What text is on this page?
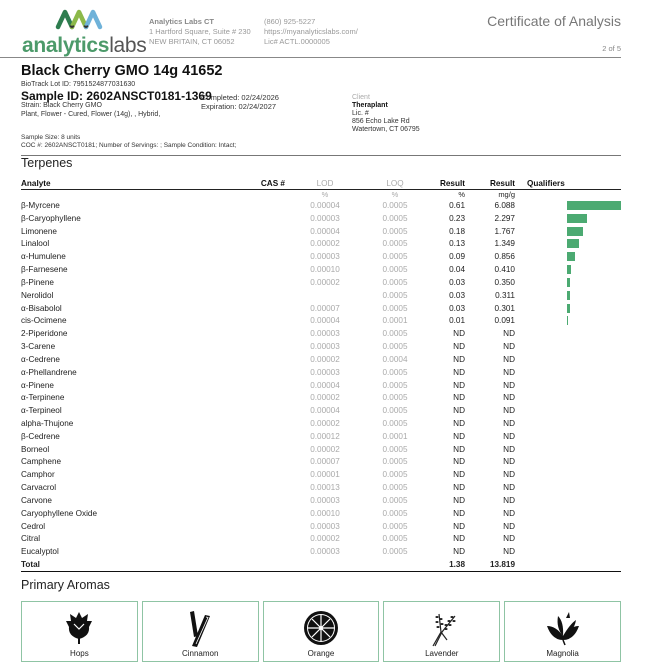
analyticslabs
Analytics Labs CT
1 Hartford Square, Suite # 230
NEW BRITAIN, CT 06052
(860) 925-5227
https://myanalyticslabs.com/
Lic# ACTL.0000005
Certificate of Analysis
2 of 5
Black Cherry GMO 14g 41652
BioTrack Lot ID: 7951524877031630
Sample ID: 2602ANSCT0181-1369
Completed: 02/24/2026
Expiration: 02/24/2027
Strain: Black Cherry GMO
Plant, Flower - Cured, Flower (14g), , Hybrid,
Client
Theraplant
Lic. #
856 Echo Lake Rd
Watertown, CT 06795
Sample Size: 8 units
COC #: 2602ANSCT0181; Number of Servings: ; Sample Condition: Intact;
Terpenes
Analyte	CAS #	LOD	LOQ	Result	Result	Qualifiers	
		%	%	%	mg/g		
β-Myrcene		0.00004	0.0005	0.61	6.088		

β-Caryophyllene		0.00003	0.0005	0.23	2.297		

Limonene		0.00004	0.0005	0.18	1.767		

Linalool		0.00002	0.0005	0.13	1.349		

α-Humulene		0.00003	0.0005	0.09	0.856		

β-Farnesene		0.00010	0.0005	0.04	0.410		

β-Pinene		0.00002	0.0005	0.03	0.350		

Nerolidol			0.0005	0.03	0.311		

α-Bisabolol		0.00007	0.0005	0.03	0.301		

cis-Ocimene		0.00004	0.0001	0.01	0.091		

2-Piperidone		0.00003	0.0005	ND	ND		
3-Carene		0.00003	0.0005	ND	ND		
α-Cedrene		0.00002	0.0004	ND	ND		
α-Phellandrene		0.00003	0.0005	ND	ND		
α-Pinene		0.00004	0.0005	ND	ND		
α-Terpinene		0.00002	0.0005	ND	ND		
α-Terpineol		0.00004	0.0005	ND	ND		
alpha-Thujone		0.00002	0.0005	ND	ND		
β-Cedrene		0.00012	0.0001	ND	ND		
Borneol		0.00002	0.0005	ND	ND		
Camphene		0.00007	0.0005	ND	ND		
Camphor		0.00001	0.0005	ND	ND		
Carvacrol		0.00013	0.0005	ND	ND		
Carvone		0.00003	0.0005	ND	ND		
Caryophyllene Oxide		0.00010	0.0005	ND	ND		
Cedrol		0.00003	0.0005	ND	ND		
Citral		0.00002	0.0005	ND	ND		
Eucalyptol		0.00003	0.0005	ND	ND		
Total				1.38	13.819		
Primary Aromas
Hops	Cinnamon	Orange	Lavender	Magnolia
